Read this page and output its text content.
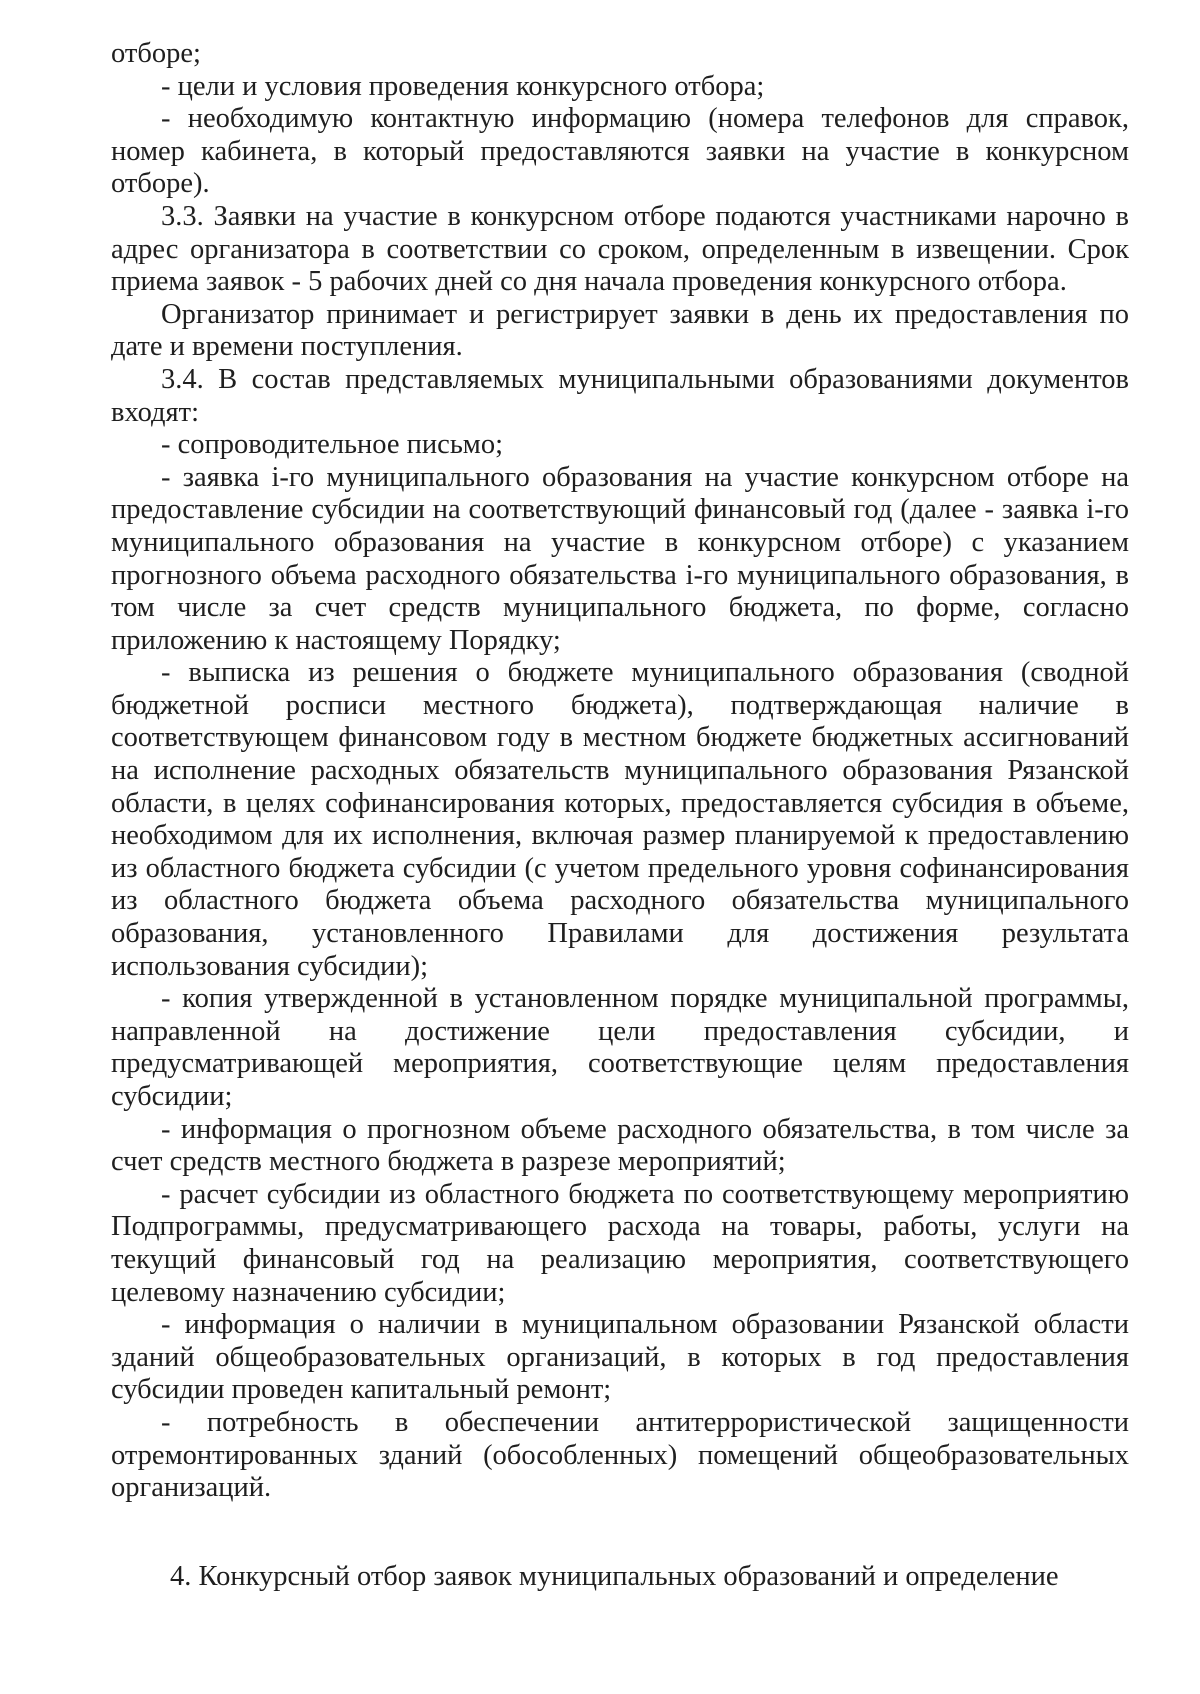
отборе;

- цели и условия проведения конкурсного отбора;

- необходимую контактную информацию (номера телефонов для справок, номер кабинета, в который предоставляются заявки на участие в конкурсном отборе).

3.3. Заявки на участие в конкурсном отборе подаются участниками нарочно в адрес организатора в соответствии со сроком, определенным в извещении. Срок приема заявок - 5 рабочих дней со дня начала проведения конкурсного отбора.

Организатор принимает и регистрирует заявки в день их предоставления по дате и времени поступления.

3.4. В состав представляемых муниципальными образованиями документов входят:

- сопроводительное письмо;

- заявка i-го муниципального образования на участие конкурсном отборе на предоставление субсидии на соответствующий финансовый год (далее - заявка i-го муниципального образования на участие в конкурсном отборе) с указанием прогнозного объема расходного обязательства i-го муниципального образования, в том числе за счет средств муниципального бюджета, по форме, согласно приложению к настоящему Порядку;

- выписка из решения о бюджете муниципального образования (сводной бюджетной росписи местного бюджета), подтверждающая наличие в соответствующем финансовом году в местном бюджете бюджетных ассигнований на исполнение расходных обязательств муниципального образования Рязанской области, в целях софинансирования которых, предоставляется субсидия в объеме, необходимом для их исполнения, включая размер планируемой к предоставлению из областного бюджета субсидии (с учетом предельного уровня софинансирования из областного бюджета объема расходного обязательства муниципального образования, установленного Правилами для достижения результата использования субсидии);

- копия утвержденной в установленном порядке муниципальной программы, направленной на достижение цели предоставления субсидии, и предусматривающей мероприятия, соответствующие целям предоставления субсидии;

- информация о прогнозном объеме расходного обязательства, в том числе за счет средств местного бюджета в разрезе мероприятий;

- расчет субсидии из областного бюджета по соответствующему мероприятию Подпрограммы, предусматривающего расхода на товары, работы, услуги на текущий финансовый год на реализацию мероприятия, соответствующего целевому назначению субсидии;

- информация о наличии в муниципальном образовании Рязанской области зданий общеобразовательных организаций, в которых в год предоставления субсидии проведен капитальный ремонт;

- потребность в обеспечении антитеррористической защищенности отремонтированных зданий (обособленных) помещений общеобразовательных организаций.

4. Конкурсный отбор заявок муниципальных образований и определение
